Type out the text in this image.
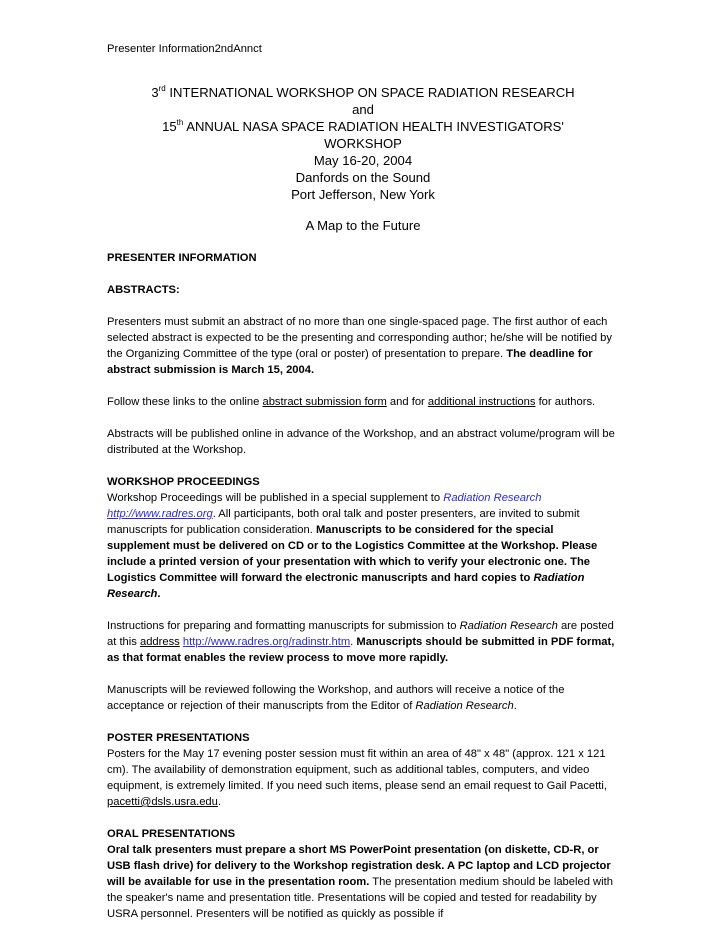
Presenter Information2ndAnnct
3rd INTERNATIONAL WORKSHOP ON SPACE RADIATION RESEARCH
and
15th ANNUAL NASA SPACE RADIATION HEALTH INVESTIGATORS'
WORKSHOP
May 16-20, 2004
Danfords on the Sound
Port Jefferson, New York
A Map to the Future

PRESENTER INFORMATION

ABSTRACTS:

Presenters must submit an abstract of no more than one single-spaced page. The first author of each selected abstract is expected to be the presenting and corresponding author; he/she will be notified by the Organizing Committee of the type (oral or poster) of presentation to prepare. The deadline for abstract submission is March 15, 2004.

Follow these links to the online abstract submission form and for additional instructions for authors.

Abstracts will be published online in advance of the Workshop, and an abstract volume/program will be distributed at the Workshop.

WORKSHOP PROCEEDINGS

Workshop Proceedings will be published in a special supplement to Radiation Research http://www.radres.org. All participants, both oral talk and poster presenters, are invited to submit manuscripts for publication consideration. Manuscripts to be considered for the special supplement must be delivered on CD or to the Logistics Committee at the Workshop. Please include a printed version of your presentation with which to verify your electronic one. The Logistics Committee will forward the electronic manuscripts and hard copies to Radiation Research.

Instructions for preparing and formatting manuscripts for submission to Radiation Research are posted at this address http://www.radres.org/radinstr.htm. Manuscripts should be submitted in PDF format, as that format enables the review process to move more rapidly.

Manuscripts will be reviewed following the Workshop, and authors will receive a notice of the acceptance or rejection of their manuscripts from the Editor of Radiation Research.

POSTER PRESENTATIONS

Posters for the May 17 evening poster session must fit within an area of 48" x 48" (approx. 121 x 121 cm). The availability of demonstration equipment, such as additional tables, computers, and video equipment, is extremely limited. If you need such items, please send an email request to Gail Pacetti, pacetti@dsls.usra.edu.

ORAL PRESENTATIONS

Oral talk presenters must prepare a short MS PowerPoint presentation (on diskette, CD-R, or USB flash drive) for delivery to the Workshop registration desk. A PC laptop and LCD projector will be available for use in the presentation room. The presentation medium should be labeled with the speaker's name and presentation title. Presentations will be copied and tested for readability by USRA personnel. Presenters will be notified as quickly as possible if
